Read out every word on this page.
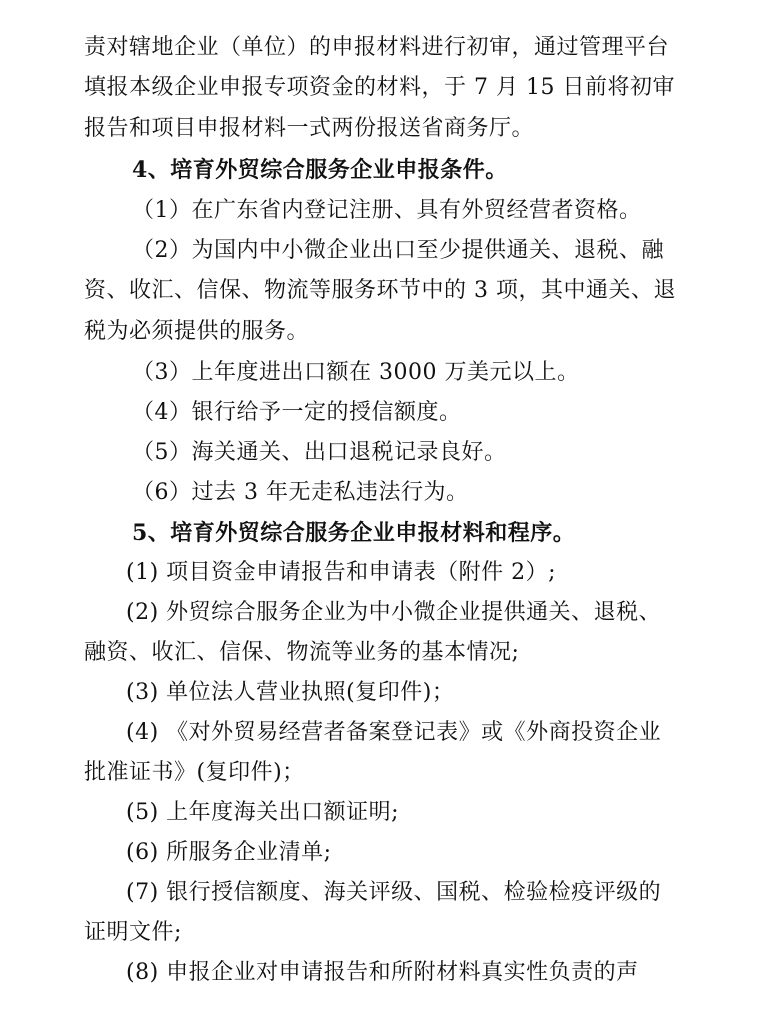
责对辖地企业（单位）的申报材料进行初审，通过管理平台
填报本级企业申报专项资金的材料，于 7 月 15 日前将初审
报告和项目申报材料一式两份报送省商务厅。
4、培育外贸综合服务企业申报条件。
（1）在广东省内登记注册、具有外贸经营者资格。
（2）为国内中小微企业出口至少提供通关、退税、融
资、收汇、信保、物流等服务环节中的 3 项，其中通关、退
税为必须提供的服务。
（3）上年度进出口额在 3000 万美元以上。
（4）银行给予一定的授信额度。
（5）海关通关、出口退税记录良好。
（6）过去 3 年无走私违法行为。
5、培育外贸综合服务企业申报材料和程序。
(1) 项目资金申请报告和申请表（附件 2）;
(2) 外贸综合服务企业为中小微企业提供通关、退税、
融资、收汇、信保、物流等业务的基本情况;
(3) 单位法人营业执照(复印件)；
(4) 《对外贸易经营者备案登记表》或《外商投资企业
批准证书》(复印件)；
(5) 上年度海关出口额证明;
(6) 所服务企业清单;
(7) 银行授信额度、海关评级、国税、检验检疫评级的
证明文件;
(8) 申报企业对申请报告和所附材料真实性负责的声
